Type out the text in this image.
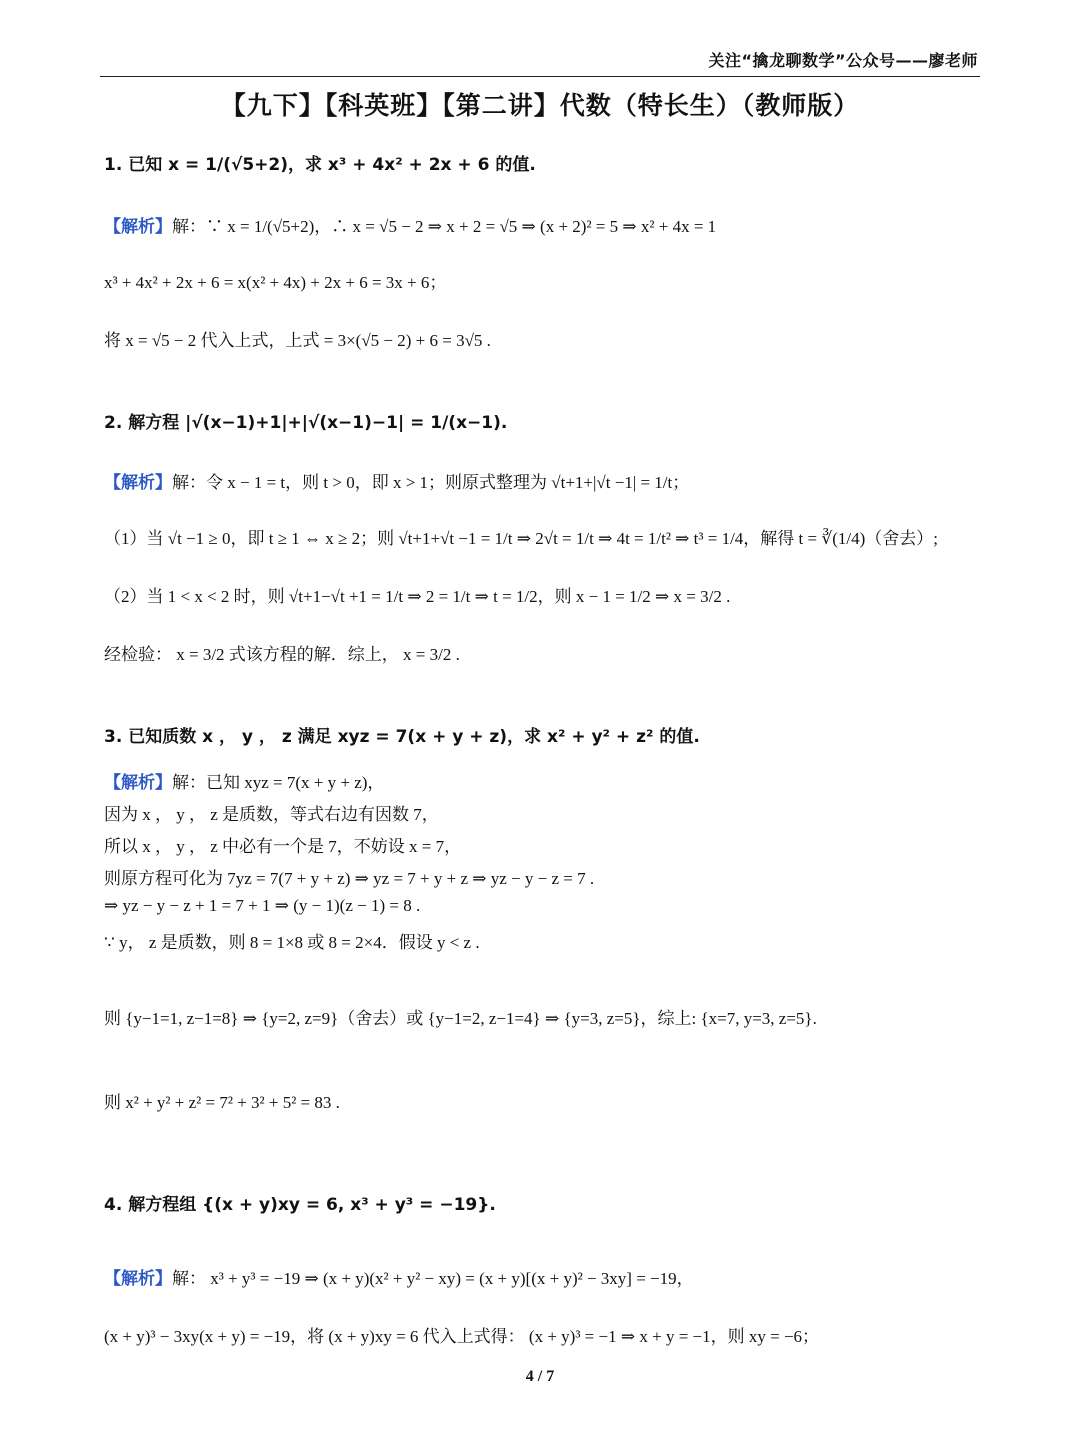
关注“擒龙聊数学”公众号——廖老师
【九下】【科英班】【第二讲】代数（特长生）（教师版）
1. 已知 x = 1/(√5+2)，求 x³ + 4x² + 2x + 6 的值.
【解析】解：∵ x = 1/(√5+2)，∴ x = √5 − 2 ⇒ x + 2 = √5 ⇒ (x + 2)² = 5 ⇒ x² + 4x = 1
x³ + 4x² + 2x + 6 = x(x² + 4x) + 2x + 6 = 3x + 6；
将 x = √5 − 2 代入上式，上式 = 3×(√5 − 2) + 6 = 3√5 .
2. 解方程 |√(x−1)+1|+|√(x−1)−1| = 1/(x−1).
【解析】解：令 x − 1 = t，则 t > 0，即 x > 1；则原式整理为 √t+1+|√t −1| = 1/t；
（1）当 √t −1 ≥ 0，即 t ≥ 1 ⇔ x ≥ 2；则 √t+1+√t −1 = 1/t ⇒ 2√t = 1/t ⇒ 4t = 1/t² ⇒ t³ = 1/4，解得 t = ∛(1/4)（舍去）;
（2）当 1 < x < 2 时，则 √t+1−√t +1 = 1/t ⇒ 2 = 1/t ⇒ t = 1/2，则 x − 1 = 1/2 ⇒ x = 3/2 .
经检验： x = 3/2 式该方程的解．综上， x = 3/2 .
3. 已知质数 x ， y ， z 满足 xyz = 7(x + y + z)，求 x² + y² + z² 的值.
【解析】解：已知 xyz = 7(x + y + z)，
因为 x ， y ， z 是质数，等式右边有因数 7，
所以 x ， y ， z 中必有一个是 7，不妨设 x = 7，
则原方程可化为 7yz = 7(7 + y + z) ⇒ yz = 7 + y + z ⇒ yz − y − z = 7 .
⇒ yz − y − z + 1 = 7 + 1 ⇒ (y − 1)(z − 1) = 8 .
∵ y， z 是质数，则 8 = 1×8 或 8 = 2×4．假设 y < z .
则 {y−1=1, z−1=8} ⇒ {y=2, z=9}（舍去）或 {y−1=2, z−1=4} ⇒ {y=3, z=5}，综上: {x=7, y=3, z=5}.
则 x² + y² + z² = 7² + 3² + 5² = 83 .
4. 解方程组 {(x + y)xy = 6, x³ + y³ = −19}.
【解析】解： x³ + y³ = −19 ⇒ (x + y)(x² + y² − xy) = (x + y)[(x + y)² − 3xy] = −19，
(x + y)³ − 3xy(x + y) = −19，将 (x + y)xy = 6 代入上式得： (x + y)³ = −1 ⇒ x + y = −1，则 xy = −6；
4 / 7
